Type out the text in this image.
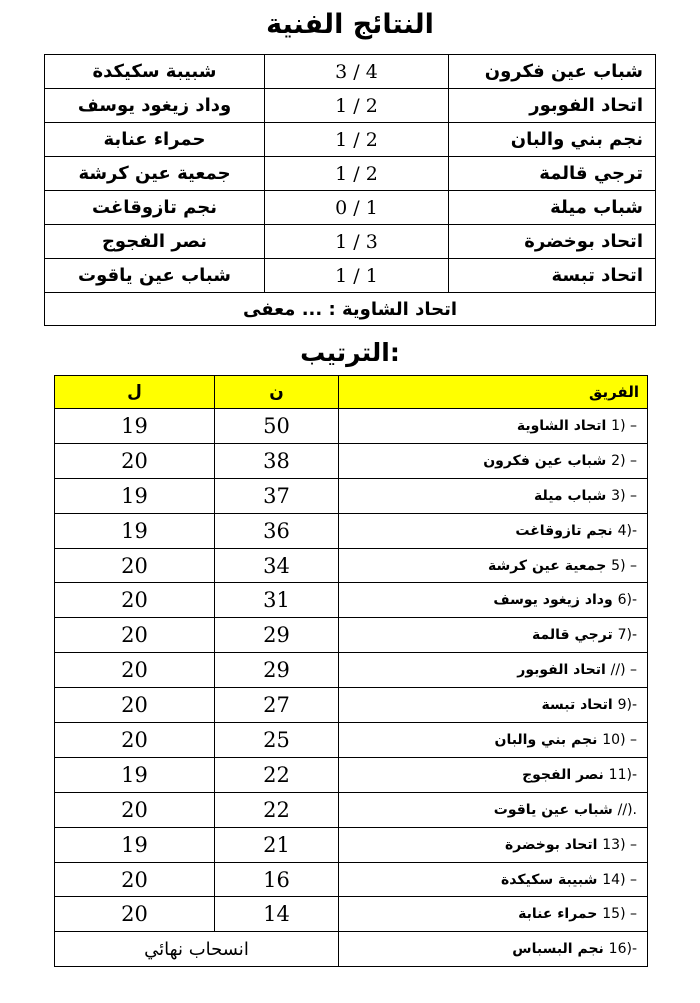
النتائج الفنية
شبيبة سكيكدة	3 / 4	شباب عين فكرون
وداد زيغود يوسف	1 / 2	اتحاد الفوبور
حمراء عنابة	1 / 2	نجم بني والبان
جمعية عين كرشة	1 / 2	ترجي قالمة
نجم تازوقاغت	0 / 1	شباب ميلة
نصر الفجوج	1 / 3	اتحاد بوخضرة
شباب عين ياقوت	1 / 1	اتحاد تبسة
اتحاد الشاوية : ... معفى		
الترتيب:
ل	ن	الفريق
19	50	1) – اتحاد الشاوية
20	38	2) – شباب عين فكرون
19	37	3) – شباب ميلة
19	36	4)- نجم تازوقاغت
20	34	5) – جمعية عين كرشة
20	31	6)- وداد زيغود يوسف
20	29	7)- ترجي قالمة
20	29	//) – اتحاد الفوبور
20	27	9)- اتحاد تبسة
20	25	10) – نجم بني والبان
19	22	11)- نصر الفجوج
20	22	//). شباب عين ياقوت
19	21	13) – اتحاد بوخضرة
20	16	14) – شبيبة سكيكدة
20	14	15) – حمراء عنابة
انسحاب نهائي		16)- نجم البسباس
